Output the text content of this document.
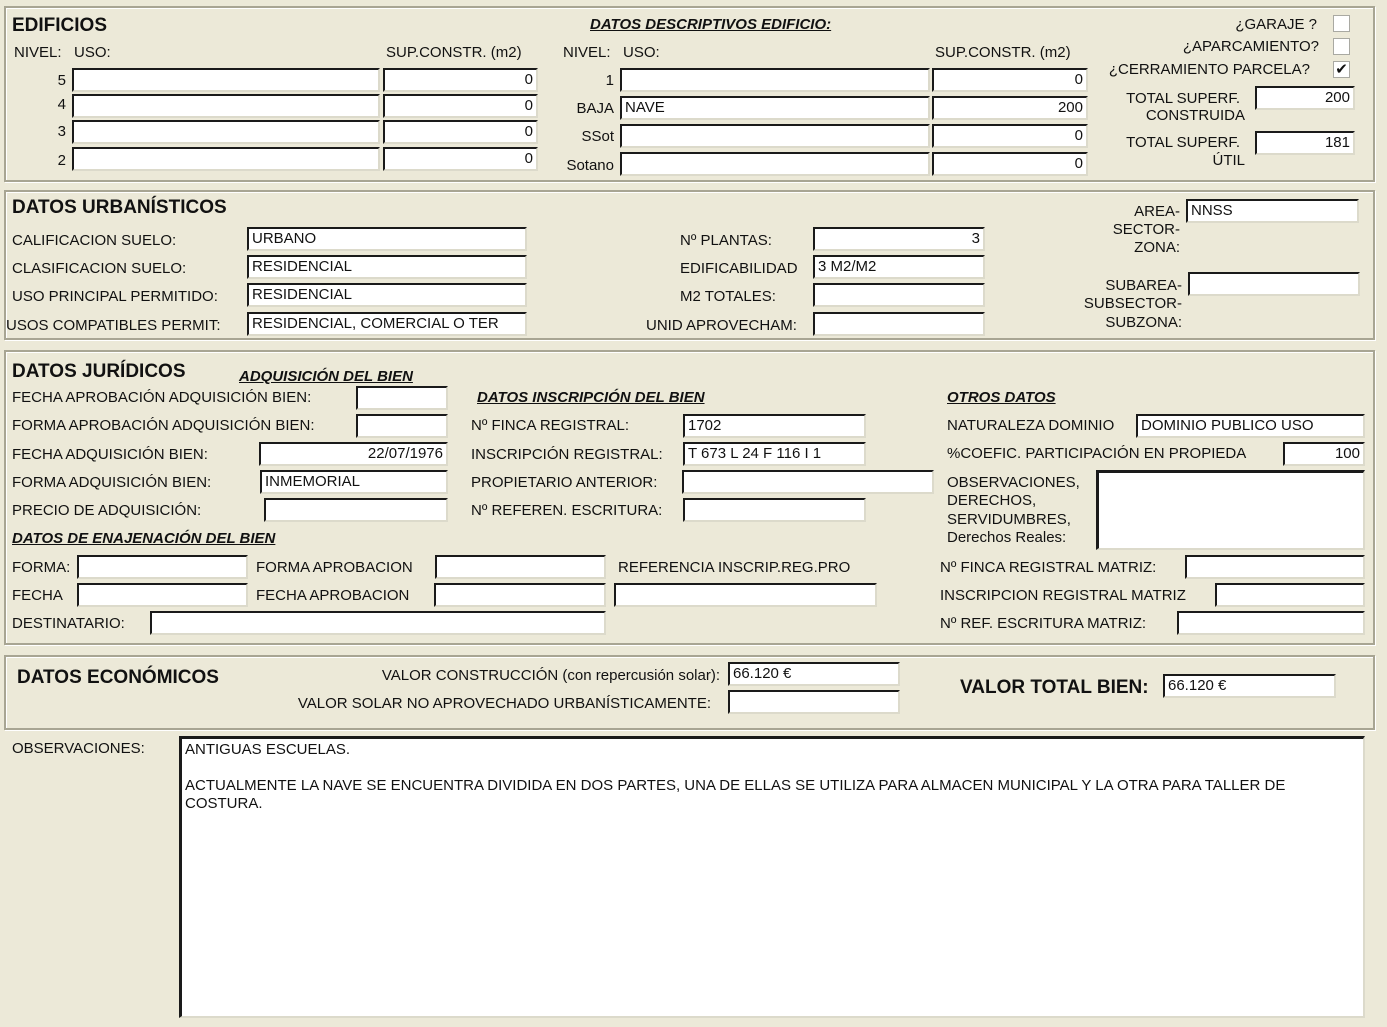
EDIFICIOS	DATOS DESCRIPTIVOS EDIFICIO:
NIVEL: USO:	SUP.CONSTR. (m2)	NIVEL: USO:	SUP.CONSTR. (m2)
5	0
4	0
3	0
2	0
1	0
BAJA NAVE	200
SSot	0
Sotano	0
¿GARAJE ?
¿APARCAMIENTO?
¿CERRAMIENTO PARCELA? ✔
TOTAL SUPERF.
CONSTRUIDA
200
TOTAL SUPERF.
ÚTIL
181
DATOS URBANÍSTICOS
CALIFICACION SUELO:	URBANO
CLASIFICACION SUELO:	RESIDENCIAL
USO PRINCIPAL PERMITIDO:	RESIDENCIAL
USOS COMPATIBLES PERMIT:	RESIDENCIAL, COMERCIAL O TER
Nº PLANTAS:	3
EDIFICABILIDAD	3 M2/M2
M2 TOTALES:
UNID APROVECHAM:
AREA-
SECTOR-
ZONA:
NNSS
SUBAREA-
SUBSECTOR-
SUBZONA:
DATOS JURÍDICOS	ADQUISICIÓN DEL BIEN
FECHA APROBACIÓN ADQUISICIÓN BIEN:
FORMA APROBACIÓN ADQUISICIÓN BIEN:
FECHA ADQUISICIÓN BIEN:	22/07/1976
FORMA ADQUISICIÓN BIEN:	INMEMORIAL
PRECIO DE ADQUISICIÓN:
DATOS INSCRIPCIÓN DEL BIEN
Nº FINCA REGISTRAL:	1702
INSCRIPCIÓN REGISTRAL:	T 673 L 24 F 116 I 1
PROPIETARIO ANTERIOR:
Nº REFEREN. ESCRITURA:
OTROS DATOS
NATURALEZA DOMINIO	DOMINIO PUBLICO USO
%COEFIC. PARTICIPACIÓN EN PROPIEDA	100
OBSERVACIONES,
DERECHOS,
SERVIDUMBRES,
Derechos Reales:
DATOS DE ENAJENACIÓN DEL BIEN
FORMA:	FORMA APROBACION	REFERENCIA INSCRIP.REG.PRO
FECHA	FECHA APROBACION
DESTINATARIO:
Nº FINCA REGISTRAL MATRIZ:
INSCRIPCION REGISTRAL MATRIZ
Nº REF. ESCRITURA MATRIZ:
DATOS ECONÓMICOS	VALOR CONSTRUCCIÓN (con repercusión solar): 66.120 €
VALOR SOLAR NO APROVECHADO URBANÍSTICAMENTE:
VALOR TOTAL BIEN:	66.120 €
OBSERVACIONES:	ANTIGUAS ESCUELAS.

ACTUALMENTE LA NAVE SE ENCUENTRA DIVIDIDA EN DOS PARTES, UNA DE ELLAS SE UTILIZA PARA ALMACEN MUNICIPAL Y LA OTRA PARA TALLER DE COSTURA.
